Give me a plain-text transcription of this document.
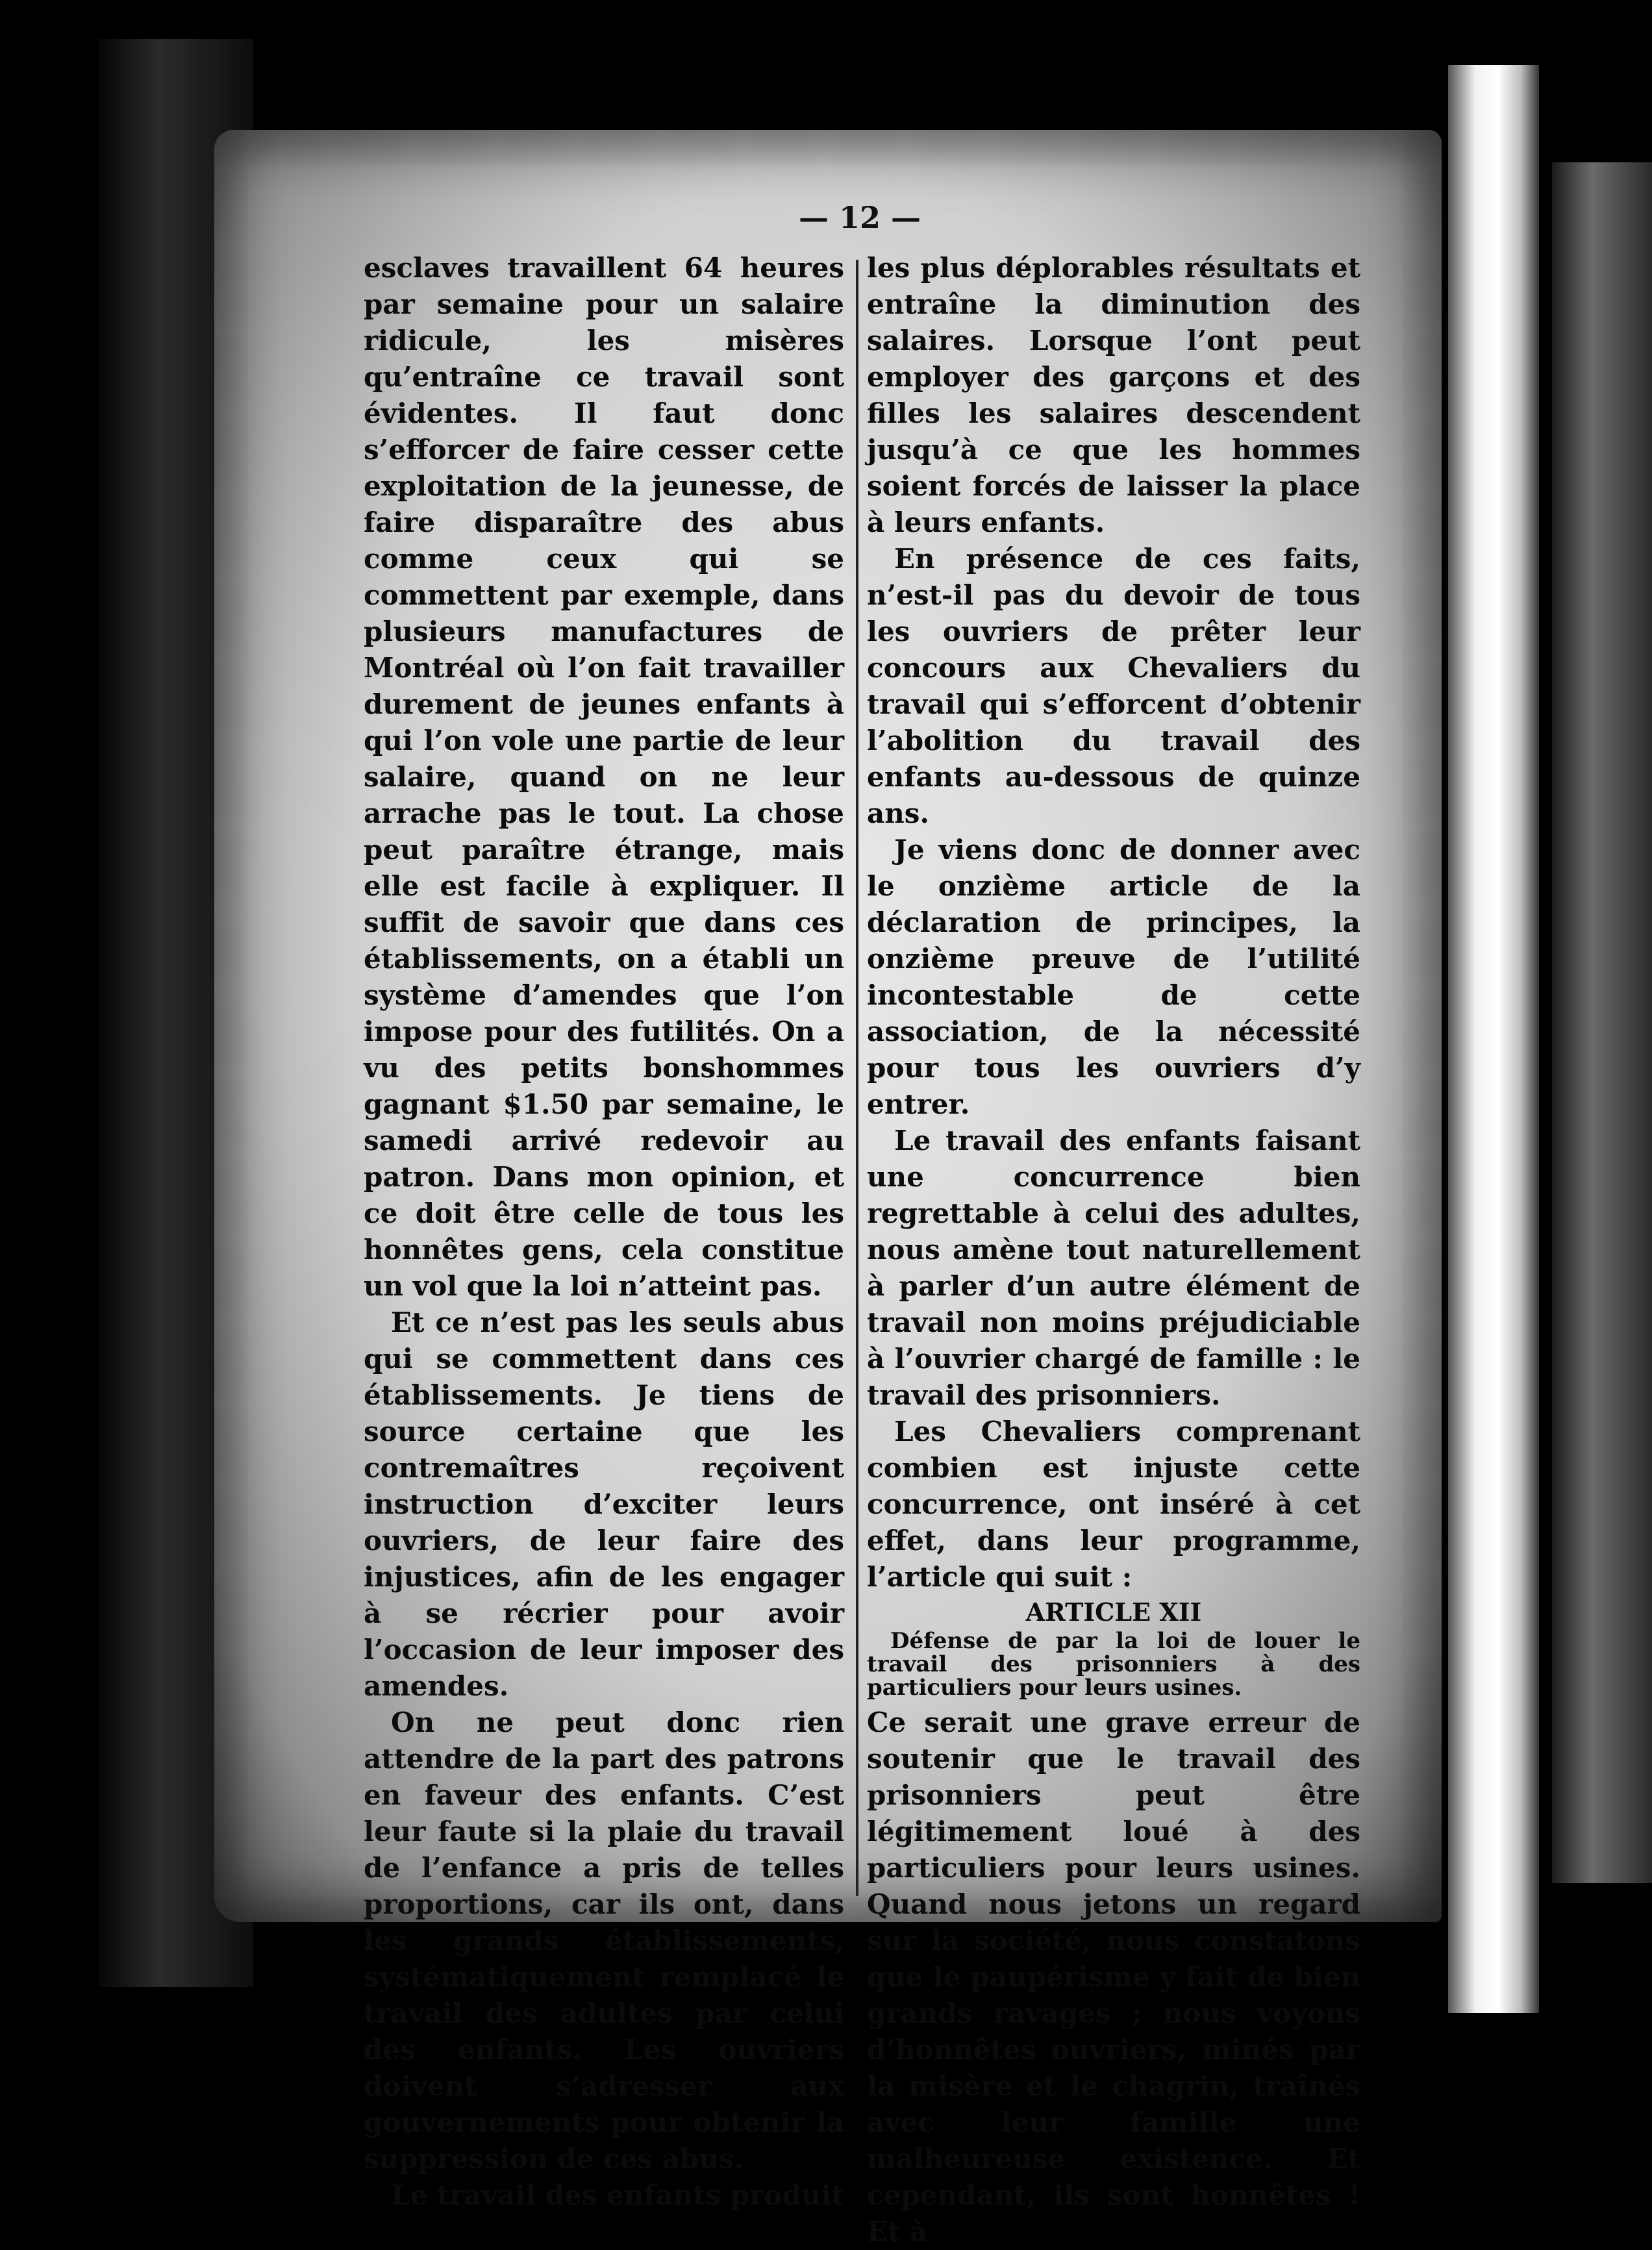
— 12 —

esclaves travaillent 64 heures par semaine pour un salaire ridicule, les misères qu’entraîne ce travail sont évidentes. Il faut donc s’efforcer de faire cesser cette exploitation de la jeunesse, de faire disparaître des abus comme ceux qui se commettent par exemple, dans plusieurs manufactures de Montréal où l’on fait travailler durement de jeunes enfants à qui l’on vole une partie de leur salaire, quand on ne leur arrache pas le tout. La chose peut paraître étrange, mais elle est facile à expliquer. Il suffit de savoir que dans ces établissements, on a établi un système d’amendes que l’on impose pour des futilités. On a vu des petits bonshommes gagnant $1.50 par semaine, le samedi arrivé redevoir au patron. Dans mon opinion, et ce doit être celle de tous les honnêtes gens, cela constitue un vol que la loi n’atteint pas.

Et ce n’est pas les seuls abus qui se commettent dans ces établissements. Je tiens de source certaine que les contremaîtres reçoivent instruction d’exciter leurs ouvriers, de leur faire des injustices, afin de les engager à se récrier pour avoir l’occasion de leur imposer des amendes.

On ne peut donc rien attendre de la part des patrons en faveur des enfants. C’est leur faute si la plaie du travail de l’enfance a pris de telles proportions, car ils ont, dans les grands établissements, systématiquement remplacé le travail des adultes par celui des enfants. Les ouvriers doivent s’adresser aux gouvernements pour obtenir la suppression de ces abus.

Le travail des enfants produit

les plus déplorables résultats et entraîne la diminution des salaires. Lorsque l’ont peut employer des garçons et des filles les salaires descendent jusqu’à ce que les hommes soient forcés de laisser la place à leurs enfants.

En présence de ces faits, n’est-il pas du devoir de tous les ouvriers de prêter leur concours aux Chevaliers du travail qui s’efforcent d’obtenir l’abolition du travail des enfants au-dessous de quinze ans.

Je viens donc de donner avec le onzième article de la déclaration de principes, la onzième preuve de l’utilité incontestable de cette association, de la nécessité pour tous les ouvriers d’y entrer.

Le travail des enfants faisant une concurrence bien regrettable à celui des adultes, nous amène tout naturellement à parler d’un autre élément de travail non moins préjudiciable à l’ouvrier chargé de famille : le travail des prisonniers.

Les Chevaliers comprenant combien est injuste cette concurrence, ont inséré à cet effet, dans leur programme, l’article qui suit :

ARTICLE XII
Défense de par la loi de louer le travail des prisonniers à des particuliers pour leurs usines.

Ce serait une grave erreur de soutenir que le travail des prisonniers peut être légitimement loué à des particuliers pour leurs usines. Quand nous jetons un regard sur la société, nous constatons que le paupérisme y fait de bien grands ravages ; nous voyons d’honnêtes ouvriers, minés par la misère et le chagrin, traînés avec leur famille une malheureuse existence. Et cependant, ils sont honnêtes ! Et à
